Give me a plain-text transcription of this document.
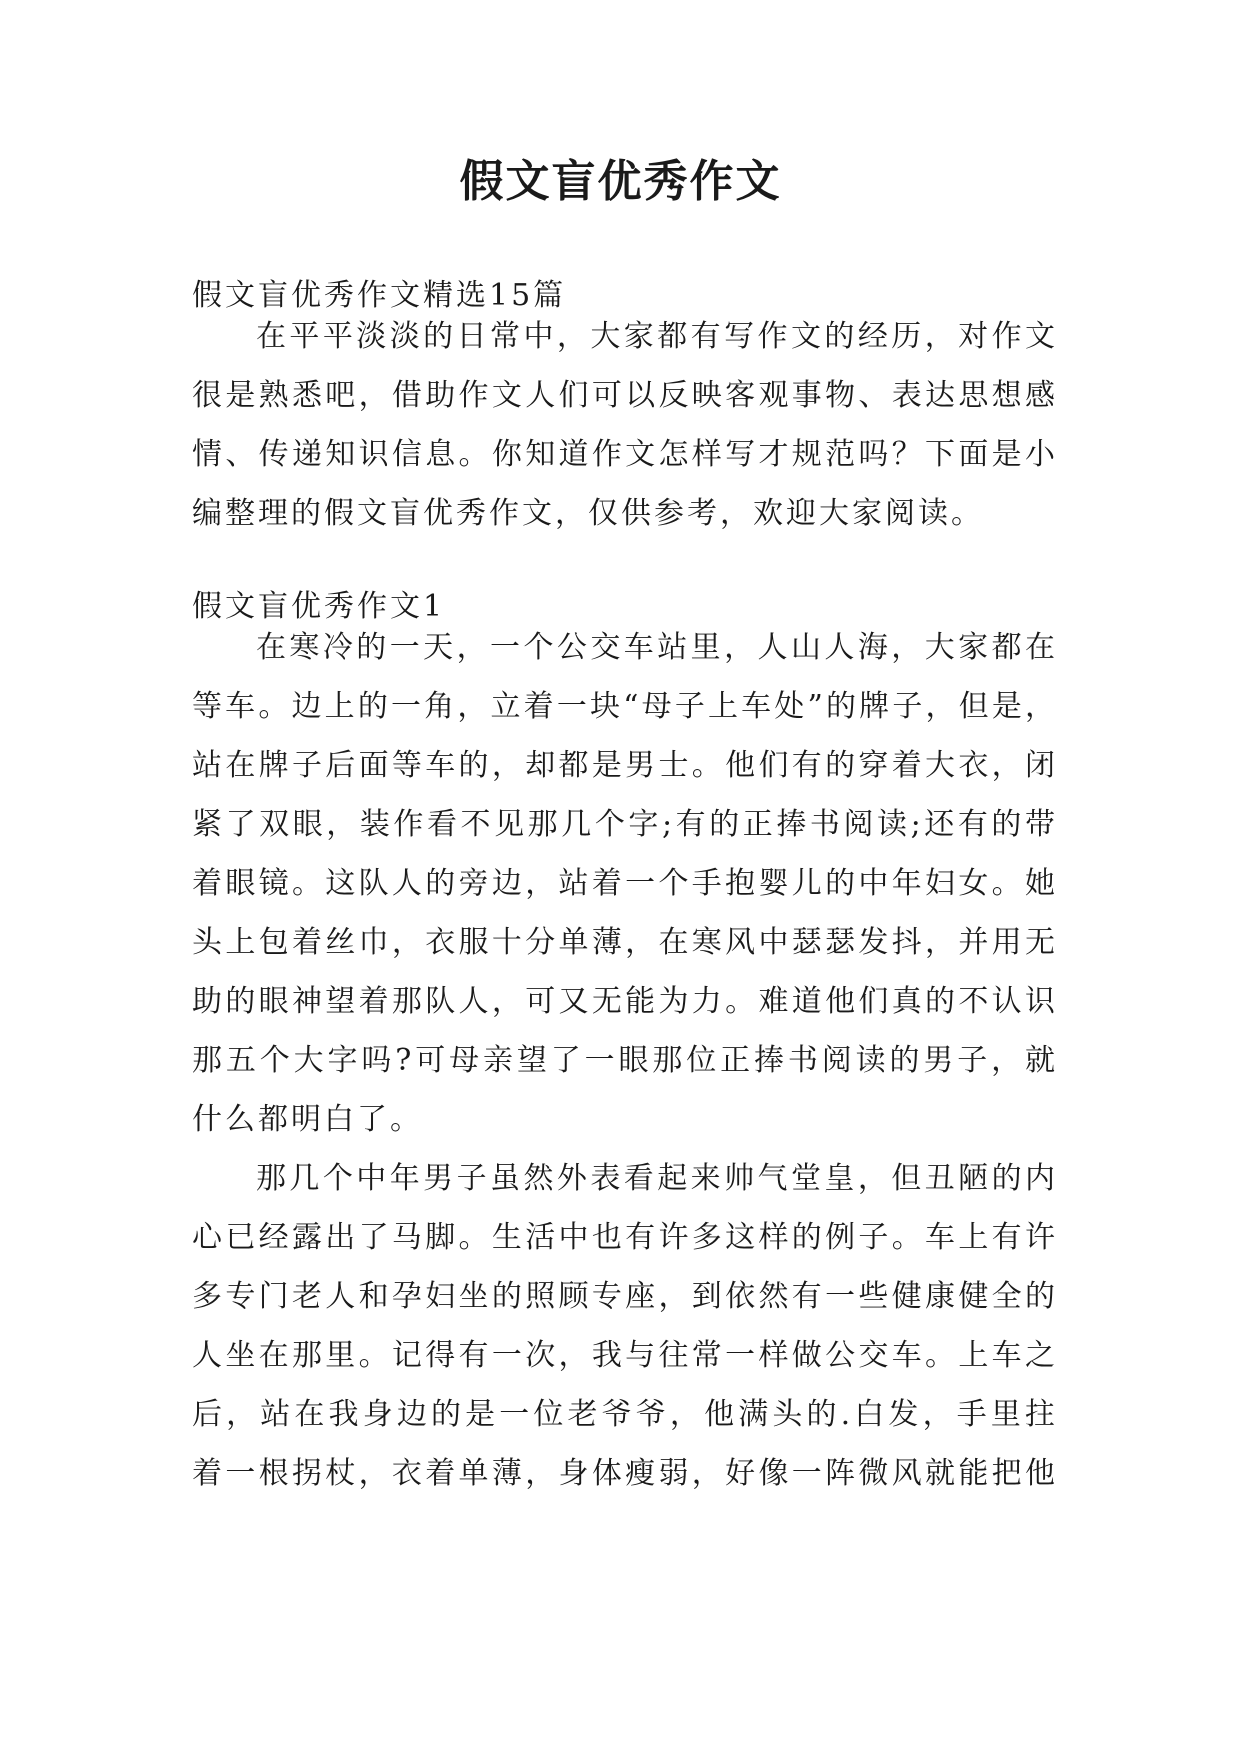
假文盲优秀作文

假文盲优秀作文精选15篇

在平平淡淡的日常中，大家都有写作文的经历，对作文
很是熟悉吧，借助作文人们可以反映客观事物、表达思想感
情、传递知识信息。你知道作文怎样写才规范吗？下面是小
编整理的假文盲优秀作文，仅供参考，欢迎大家阅读。

假文盲优秀作文1

在寒冷的一天，一个公交车站里，人山人海，大家都在
等车。边上的一角，立着一块“母子上车处”的牌子，但是，
站在牌子后面等车的，却都是男士。他们有的穿着大衣，闭
紧了双眼，装作看不见那几个字;有的正捧书阅读;还有的带
着眼镜。这队人的旁边，站着一个手抱婴儿的中年妇女。她
头上包着丝巾，衣服十分单薄，在寒风中瑟瑟发抖，并用无
助的眼神望着那队人，可又无能为力。难道他们真的不认识
那五个大字吗?可母亲望了一眼那位正捧书阅读的男子，就
什么都明白了。
那几个中年男子虽然外表看起来帅气堂皇，但丑陋的内
心已经露出了马脚。生活中也有许多这样的例子。车上有许
多专门老人和孕妇坐的照顾专座，到依然有一些健康健全的
人坐在那里。记得有一次，我与往常一样做公交车。上车之
后，站在我身边的是一位老爷爷，他满头的.白发，手里拄
着一根拐杖，衣着单薄，身体瘦弱，好像一阵微风就能把他
